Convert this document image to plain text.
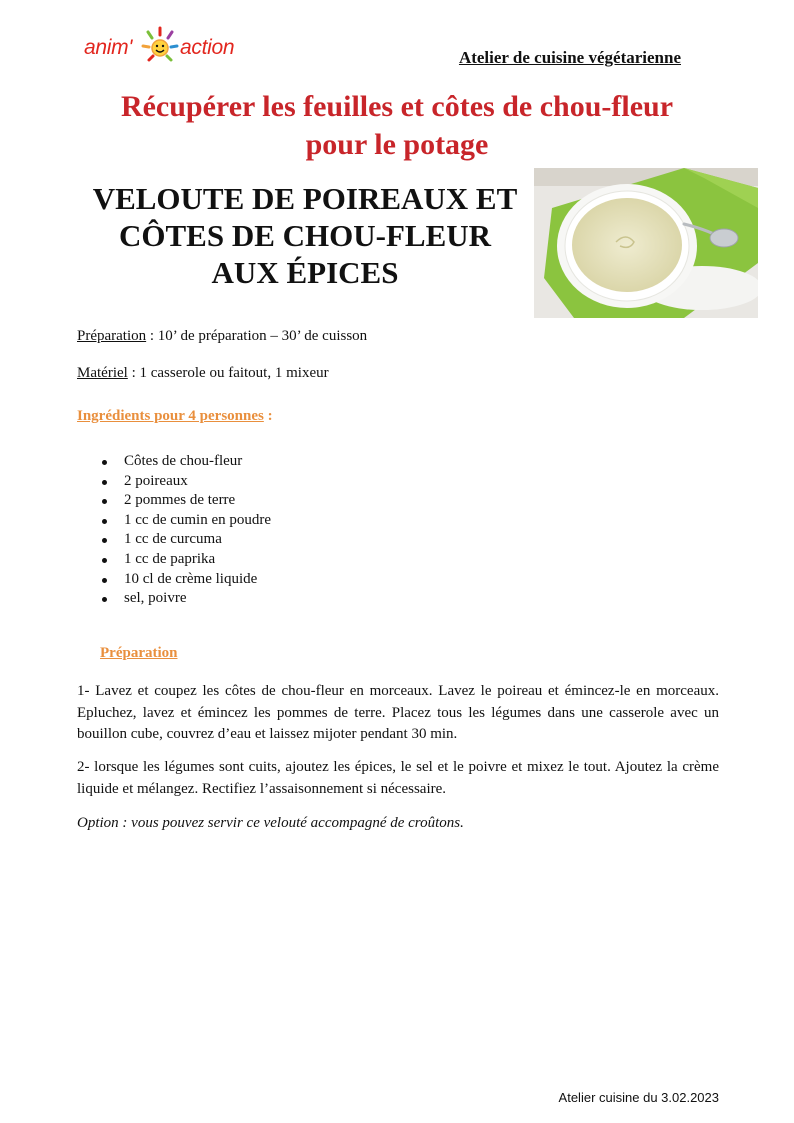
anim' action	Atelier de cuisine végétarienne
Récupérer les feuilles et côtes de chou-fleur
pour le potage
VELOUTE DE POIREAUX ET
CÔTES DE CHOU-FLEUR
AUX ÉPICES
Préparation : 10’ de préparation – 30’ de cuisson
Matériel : 1 casserole ou faitout, 1 mixeur
Ingrédients pour 4 personnes :
Côtes de chou-fleur
2 poireaux
2 pommes de terre
1 cc de cumin en poudre
1 cc de curcuma
1 cc de paprika
10 cl de crème liquide
sel, poivre
Préparation
1- Lavez et coupez les côtes de chou-fleur en morceaux. Lavez le poireau et émincez-le en morceaux. Epluchez, lavez et émincez les pommes de terre. Placez tous les légumes dans une casserole avec un bouillon cube, couvrez d’eau et laissez mijoter pendant 30 min.
2- lorsque les légumes sont cuits, ajoutez les épices, le sel et le poivre et mixez le tout. Ajoutez la crème liquide et mélangez. Rectifiez l’assaisonnement si nécessaire.
Option : vous pouvez servir ce velouté accompagné de croûtons.
Atelier cuisine du 3.02.2023
